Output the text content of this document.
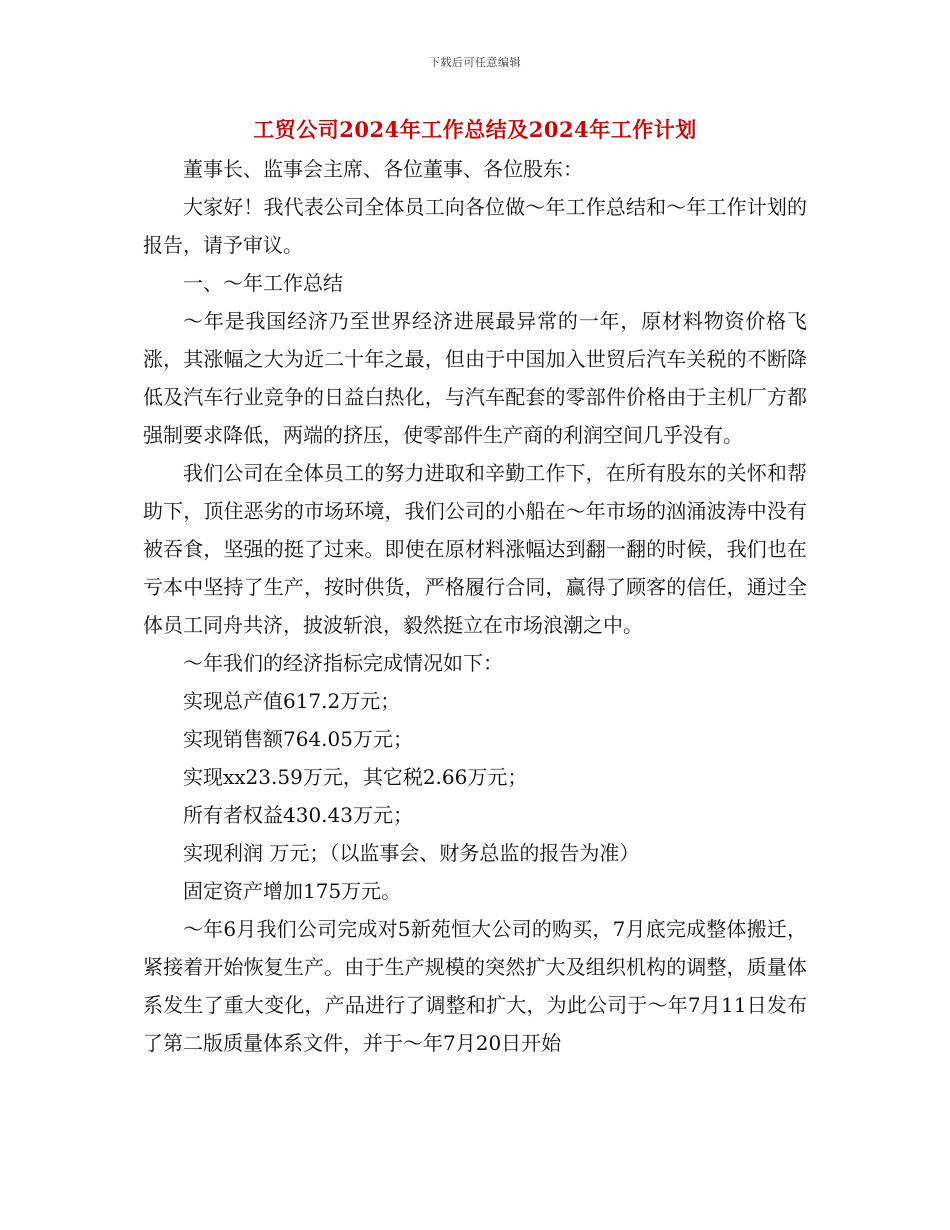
下载后可任意编辑
工贸公司2024年工作总结及2024年工作计划

董事长、监事会主席、各位董事、各位股东：

大家好！我代表公司全体员工向各位做～年工作总结和～年工作计划的报告，请予审议。

一、～年工作总结

～年是我国经济乃至世界经济进展最异常的一年，原材料物资价格飞涨，其涨幅之大为近二十年之最，但由于中国加入世贸后汽车关税的不断降低及汽车行业竞争的日益白热化，与汽车配套的零部件价格由于主机厂方都强制要求降低，两端的挤压，使零部件生产商的利润空间几乎没有。

我们公司在全体员工的努力进取和辛勤工作下，在所有股东的关怀和帮助下，顶住恶劣的市场环境，我们公司的小船在～年市场的汹涌波涛中没有被吞食，坚强的挺了过来。即使在原材料涨幅达到翻一翻的时候，我们也在亏本中坚持了生产，按时供货，严格履行合同，赢得了顾客的信任，通过全体员工同舟共济，披波斩浪，毅然挺立在市场浪潮之中。

～年我们的经济指标完成情况如下：

实现总产值617.2万元；

实现销售额764.05万元；

实现xx23.59万元，其它税2.66万元；

所有者权益430.43万元；

实现利润 万元；（以监事会、财务总监的报告为准）

固定资产增加175万元。

～年6月我们公司完成对5新苑恒大公司的购买，7月底完成整体搬迁，紧接着开始恢复生产。由于生产规模的突然扩大及组织机构的调整，质量体系发生了重大变化，产品进行了调整和扩大，为此公司于～年7月11日发布了第二版质量体系文件，并于～年7月20日开始
